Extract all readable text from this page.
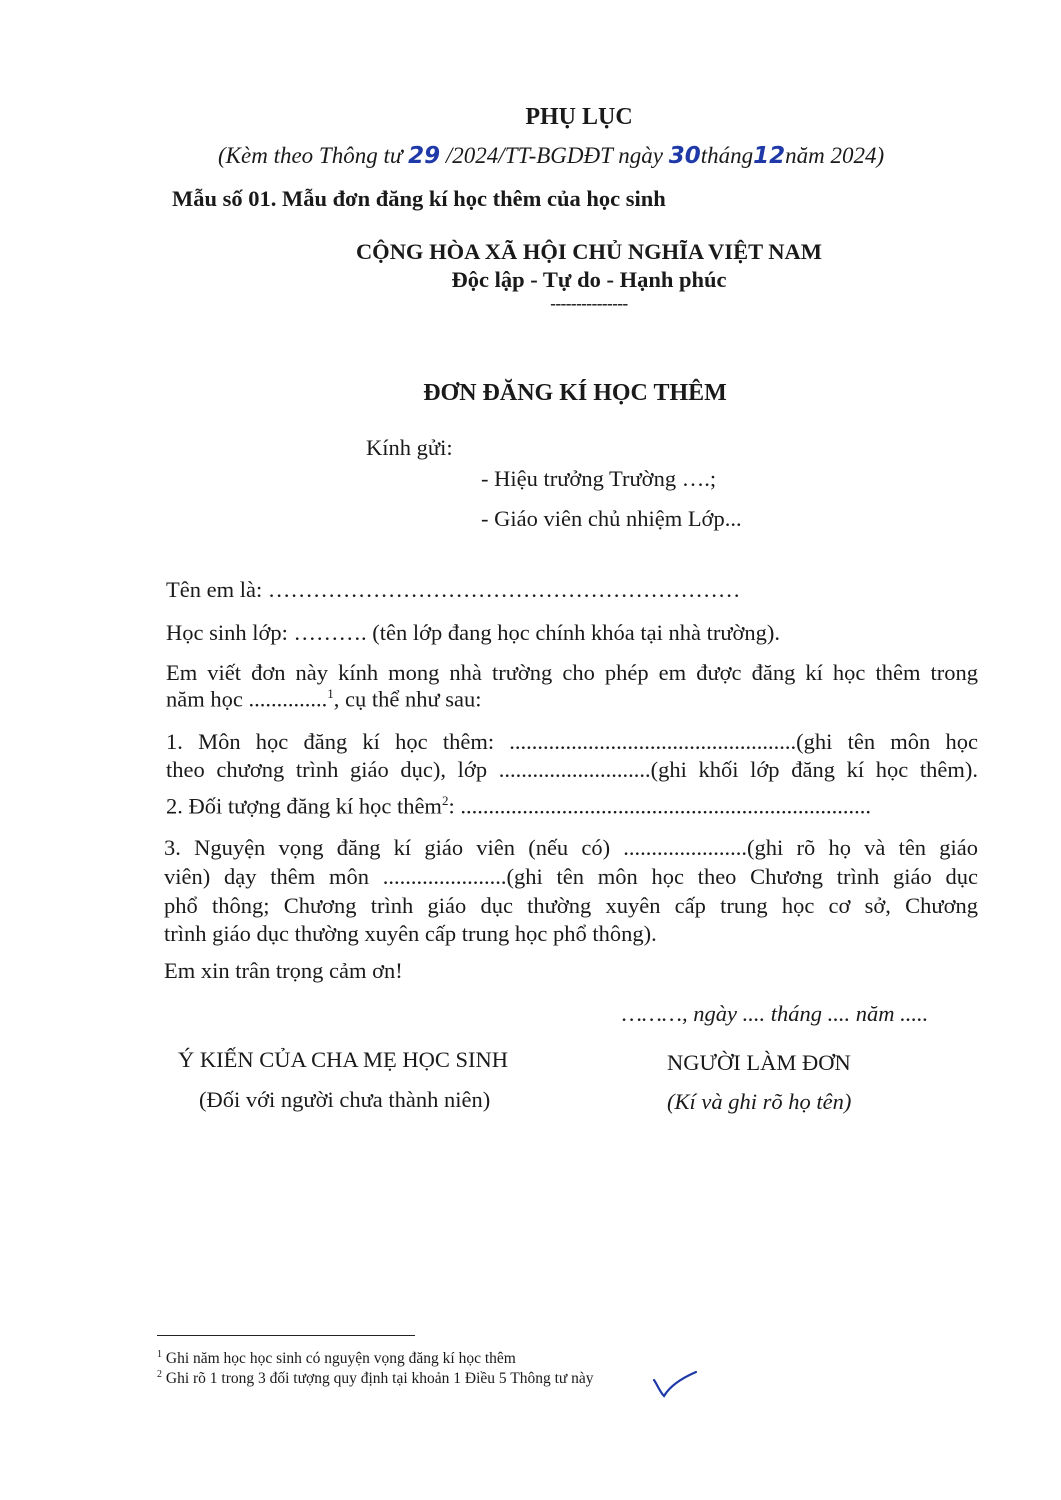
PHỤ LỤC
(Kèm theo Thông tư 29 /2024/TT-BGDĐT ngày 30tháng12năm 2024)
Mẫu số 01. Mẫu đơn đăng kí học thêm của học sinh
CỘNG HÒA XÃ HỘI CHỦ NGHĨA VIỆT NAM
Độc lập - Tự do - Hạnh phúc
---------------
ĐƠN ĐĂNG KÍ HỌC THÊM
Kính gửi:
- Hiệu trưởng Trường ….;
- Giáo viên chủ nhiệm Lớp...
Tên em là: ………………………………………………………
Học sinh lớp: ………. (tên lớp đang học chính khóa tại nhà trường).
Em viết đơn này kính mong nhà trường cho phép em được đăng kí học thêm trong
năm học ..............$^1$, cụ thể như sau:
1. Môn học đăng kí học thêm: ...................................................(ghi tên môn học
theo chương trình giáo dục), lớp ...........................(ghi khối lớp đăng kí học thêm).
2. Đối tượng đăng kí học thêm$^2$: .........................................................................
3. Nguyện vọng đăng kí giáo viên (nếu có) ......................(ghi rõ họ và tên giáo
viên) dạy thêm môn ......................(ghi tên môn học theo Chương trình giáo dục
phổ thông; Chương trình giáo dục thường xuyên cấp trung học cơ sở, Chương
trình giáo dục thường xuyên cấp trung học phổ thông).
Em xin trân trọng cảm ơn!
………, ngày .... tháng .... năm .....
Ý KIẾN CỦA CHA MẸ HỌC SINH
(Đối với người chưa thành niên)
NGƯỜI LÀM ĐƠN
(Kí và ghi rõ họ tên)
$^1$ Ghi năm học học sinh có nguyện vọng đăng kí học thêm
$^2$ Ghi rõ 1 trong 3 đối tượng quy định tại khoản 1 Điều 5 Thông tư này
